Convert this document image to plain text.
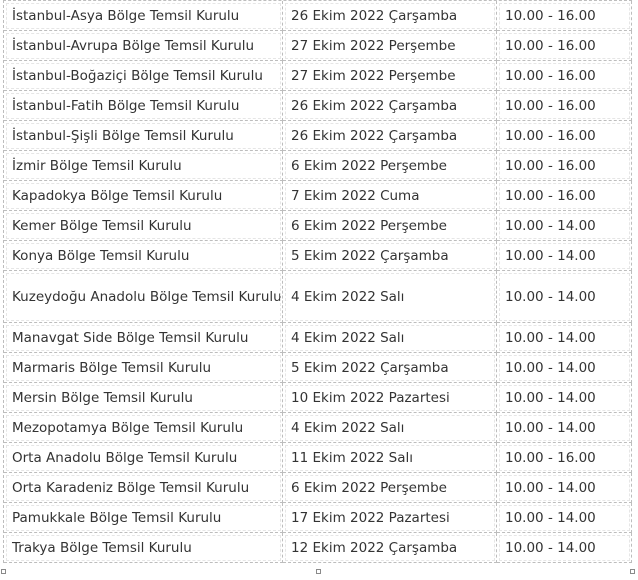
İstanbul-Asya Bölge Temsil Kurulu	26 Ekim 2022 Çarşamba	10.00 - 16.00
İstanbul-Avrupa Bölge Temsil Kurulu	27 Ekim 2022 Perşembe	10.00 - 16.00
İstanbul-Boğaziçi Bölge Temsil Kurulu	27 Ekim 2022 Perşembe	10.00 - 16.00
İstanbul-Fatih Bölge Temsil Kurulu	26 Ekim 2022 Çarşamba	10.00 - 16.00
İstanbul-Şişli Bölge Temsil Kurulu	26 Ekim 2022 Çarşamba	10.00 - 16.00
İzmir Bölge Temsil Kurulu	6 Ekim 2022 Perşembe	10.00 - 16.00
Kapadokya Bölge Temsil Kurulu	7 Ekim 2022 Cuma	10.00 - 16.00
Kemer Bölge Temsil Kurulu	6 Ekim 2022 Perşembe	10.00 - 14.00
Konya Bölge Temsil Kurulu	5 Ekim 2022 Çarşamba	10.00 - 14.00
Kuzeydoğu Anadolu Bölge Temsil Kurulu	4 Ekim 2022 Salı	10.00 - 14.00
Manavgat Side Bölge Temsil Kurulu	4 Ekim 2022 Salı	10.00 - 14.00
Marmaris Bölge Temsil Kurulu	5 Ekim 2022 Çarşamba	10.00 - 14.00
Mersin Bölge Temsil Kurulu	10 Ekim 2022 Pazartesi	10.00 - 14.00
Mezopotamya Bölge Temsil Kurulu	4 Ekim 2022 Salı	10.00 - 14.00
Orta Anadolu Bölge Temsil Kurulu	11 Ekim 2022 Salı	10.00 - 16.00
Orta Karadeniz Bölge Temsil Kurulu	6 Ekim 2022 Perşembe	10.00 - 14.00
Pamukkale Bölge Temsil Kurulu	17 Ekim 2022 Pazartesi	10.00 - 14.00
Trakya Bölge Temsil Kurulu	12 Ekim 2022 Çarşamba	10.00 - 14.00
